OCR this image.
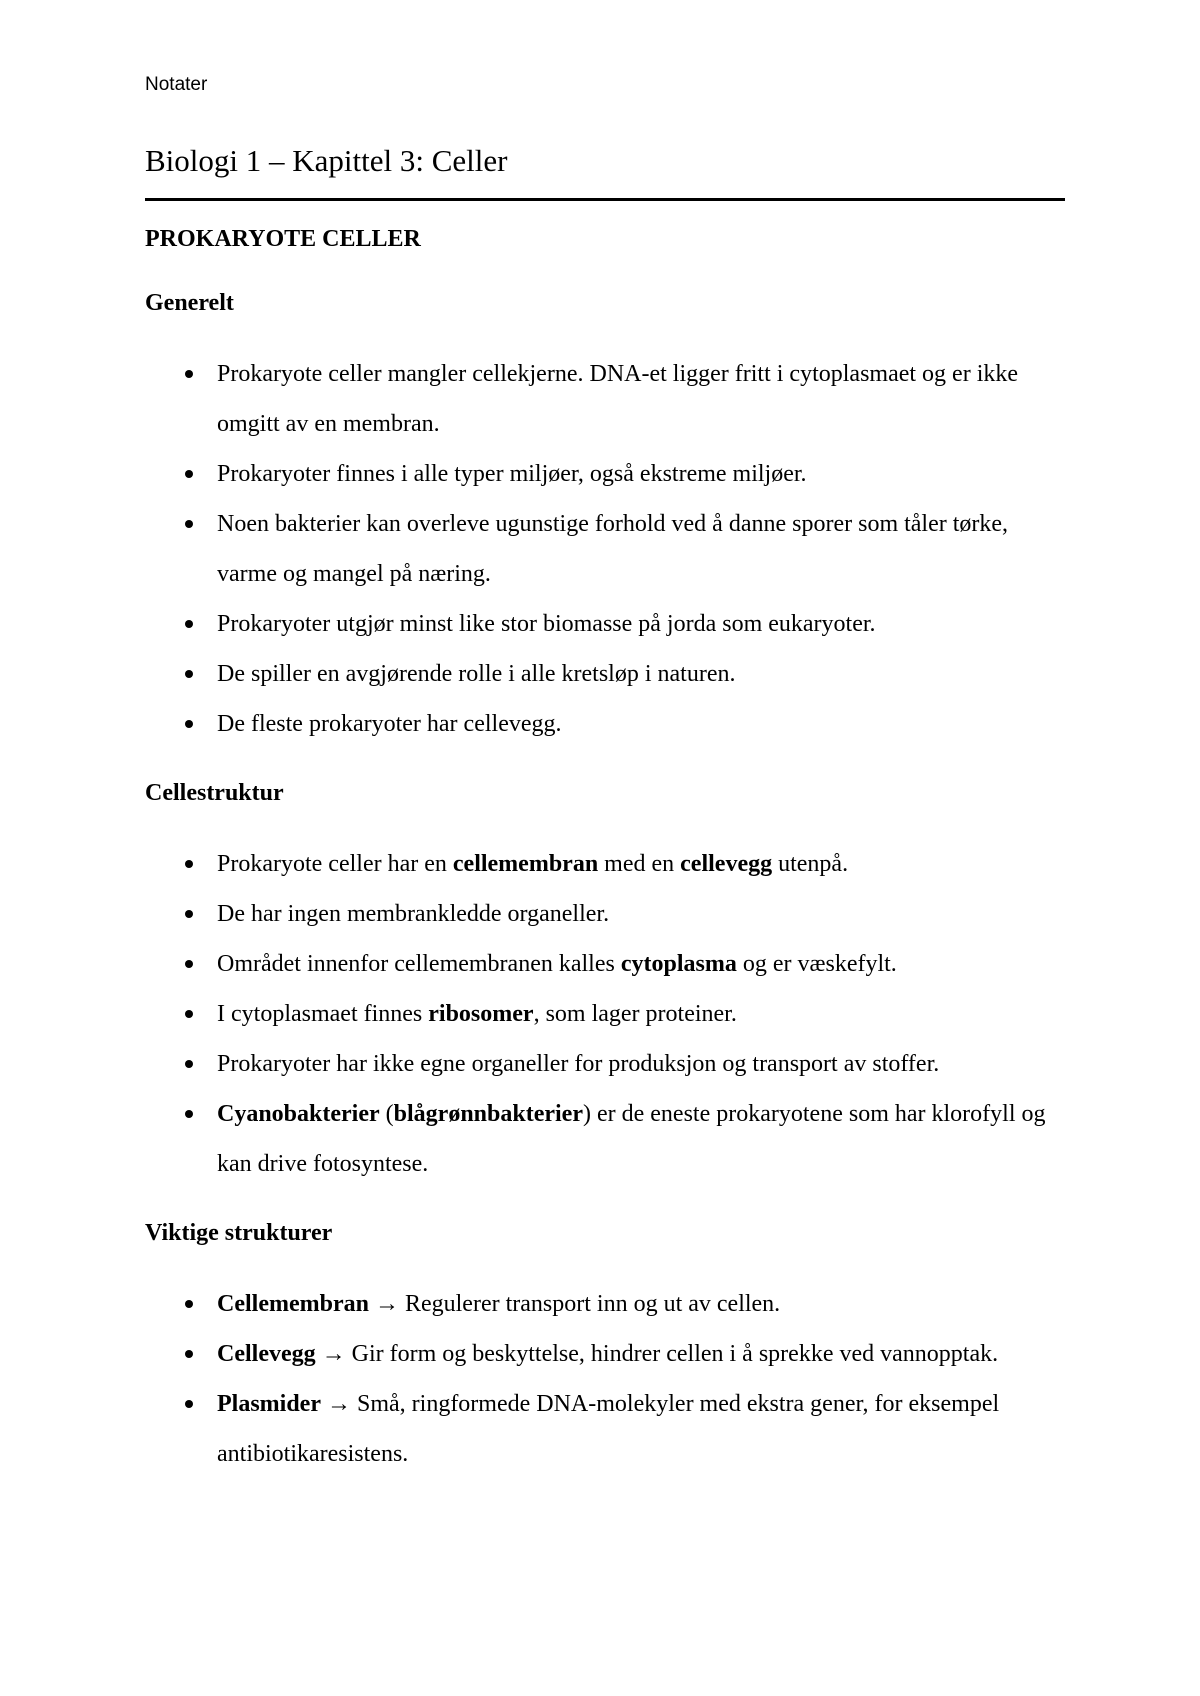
Notater
Biologi 1 – Kapittel 3: Celler
PROKARYOTE CELLER
Generelt
Prokaryote celler mangler cellekjerne. DNA-et ligger fritt i cytoplasmaet og er ikke omgitt av en membran.
Prokaryoter finnes i alle typer miljøer, også ekstreme miljøer.
Noen bakterier kan overleve ugunstige forhold ved å danne sporer som tåler tørke, varme og mangel på næring.
Prokaryoter utgjør minst like stor biomasse på jorda som eukaryoter.
De spiller en avgjørende rolle i alle kretsløp i naturen.
De fleste prokaryoter har cellevegg.
Cellestruktur
Prokaryote celler har en cellemembran med en cellevegg utenpå.
De har ingen membrankledde organeller.
Området innenfor cellemembranen kalles cytoplasma og er væskefylt.
I cytoplasmaet finnes ribosomer, som lager proteiner.
Prokaryoter har ikke egne organeller for produksjon og transport av stoffer.
Cyanobakterier (blågrønnbakterier) er de eneste prokaryotene som har klorofyll og kan drive fotosyntese.
Viktige strukturer
Cellemembran → Regulerer transport inn og ut av cellen.
Cellevegg → Gir form og beskyttelse, hindrer cellen i å sprekke ved vannopptak.
Plasmider → Små, ringformede DNA-molekyler med ekstra gener, for eksempel antibiotikaresistens.
